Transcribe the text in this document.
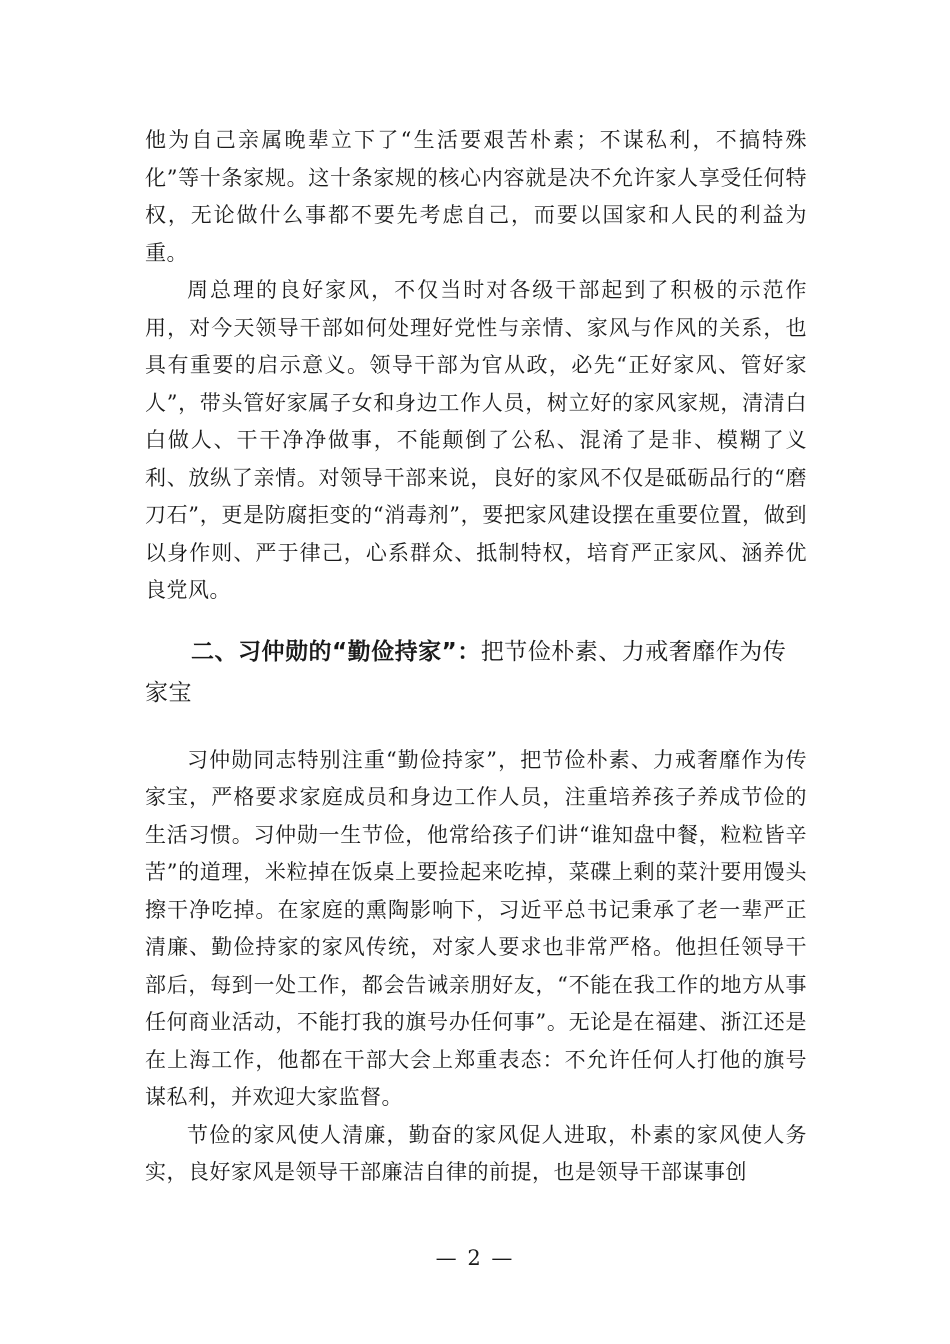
他为自己亲属晚辈立下了“生活要艰苦朴素；不谋私利，不搞特殊化”等十条家规。这十条家规的核心内容就是决不允许家人享受任何特权，无论做什么事都不要先考虑自己，而要以国家和人民的利益为重。

周总理的良好家风，不仅当时对各级干部起到了积极的示范作用，对今天领导干部如何处理好党性与亲情、家风与作风的关系，也具有重要的启示意义。领导干部为官从政，必先“正好家风、管好家人”，带头管好家属子女和身边工作人员，树立好的家风家规，清清白白做人、干干净净做事，不能颠倒了公私、混淆了是非、模糊了义利、放纵了亲情。对领导干部来说，良好的家风不仅是砥砺品行的“磨刀石”，更是防腐拒变的“消毒剂”，要把家风建设摆在重要位置，做到以身作则、严于律己，心系群众、抵制特权，培育严正家风、涵养优良党风。

二、习仲勋的“勤俭持家”：把节俭朴素、力戒奢靡作为传家宝

习仲勋同志特别注重“勤俭持家”，把节俭朴素、力戒奢靡作为传家宝，严格要求家庭成员和身边工作人员，注重培养孩子养成节俭的生活习惯。习仲勋一生节俭，他常给孩子们讲“谁知盘中餐，粒粒皆辛苦”的道理，米粒掉在饭桌上要捡起来吃掉，菜碟上剩的菜汁要用馒头擦干净吃掉。在家庭的熏陶影响下，习近平总书记秉承了老一辈严正清廉、勤俭持家的家风传统，对家人要求也非常严格。他担任领导干部后，每到一处工作，都会告诫亲朋好友，“不能在我工作的地方从事任何商业活动，不能打我的旗号办任何事”。无论是在福建、浙江还是在上海工作，他都在干部大会上郑重表态：不允许任何人打他的旗号谋私利，并欢迎大家监督。

节俭的家风使人清廉，勤奋的家风促人进取，朴素的家风使人务实，良好家风是领导干部廉洁自律的前提，也是领导干部谋事创

— 2 —
